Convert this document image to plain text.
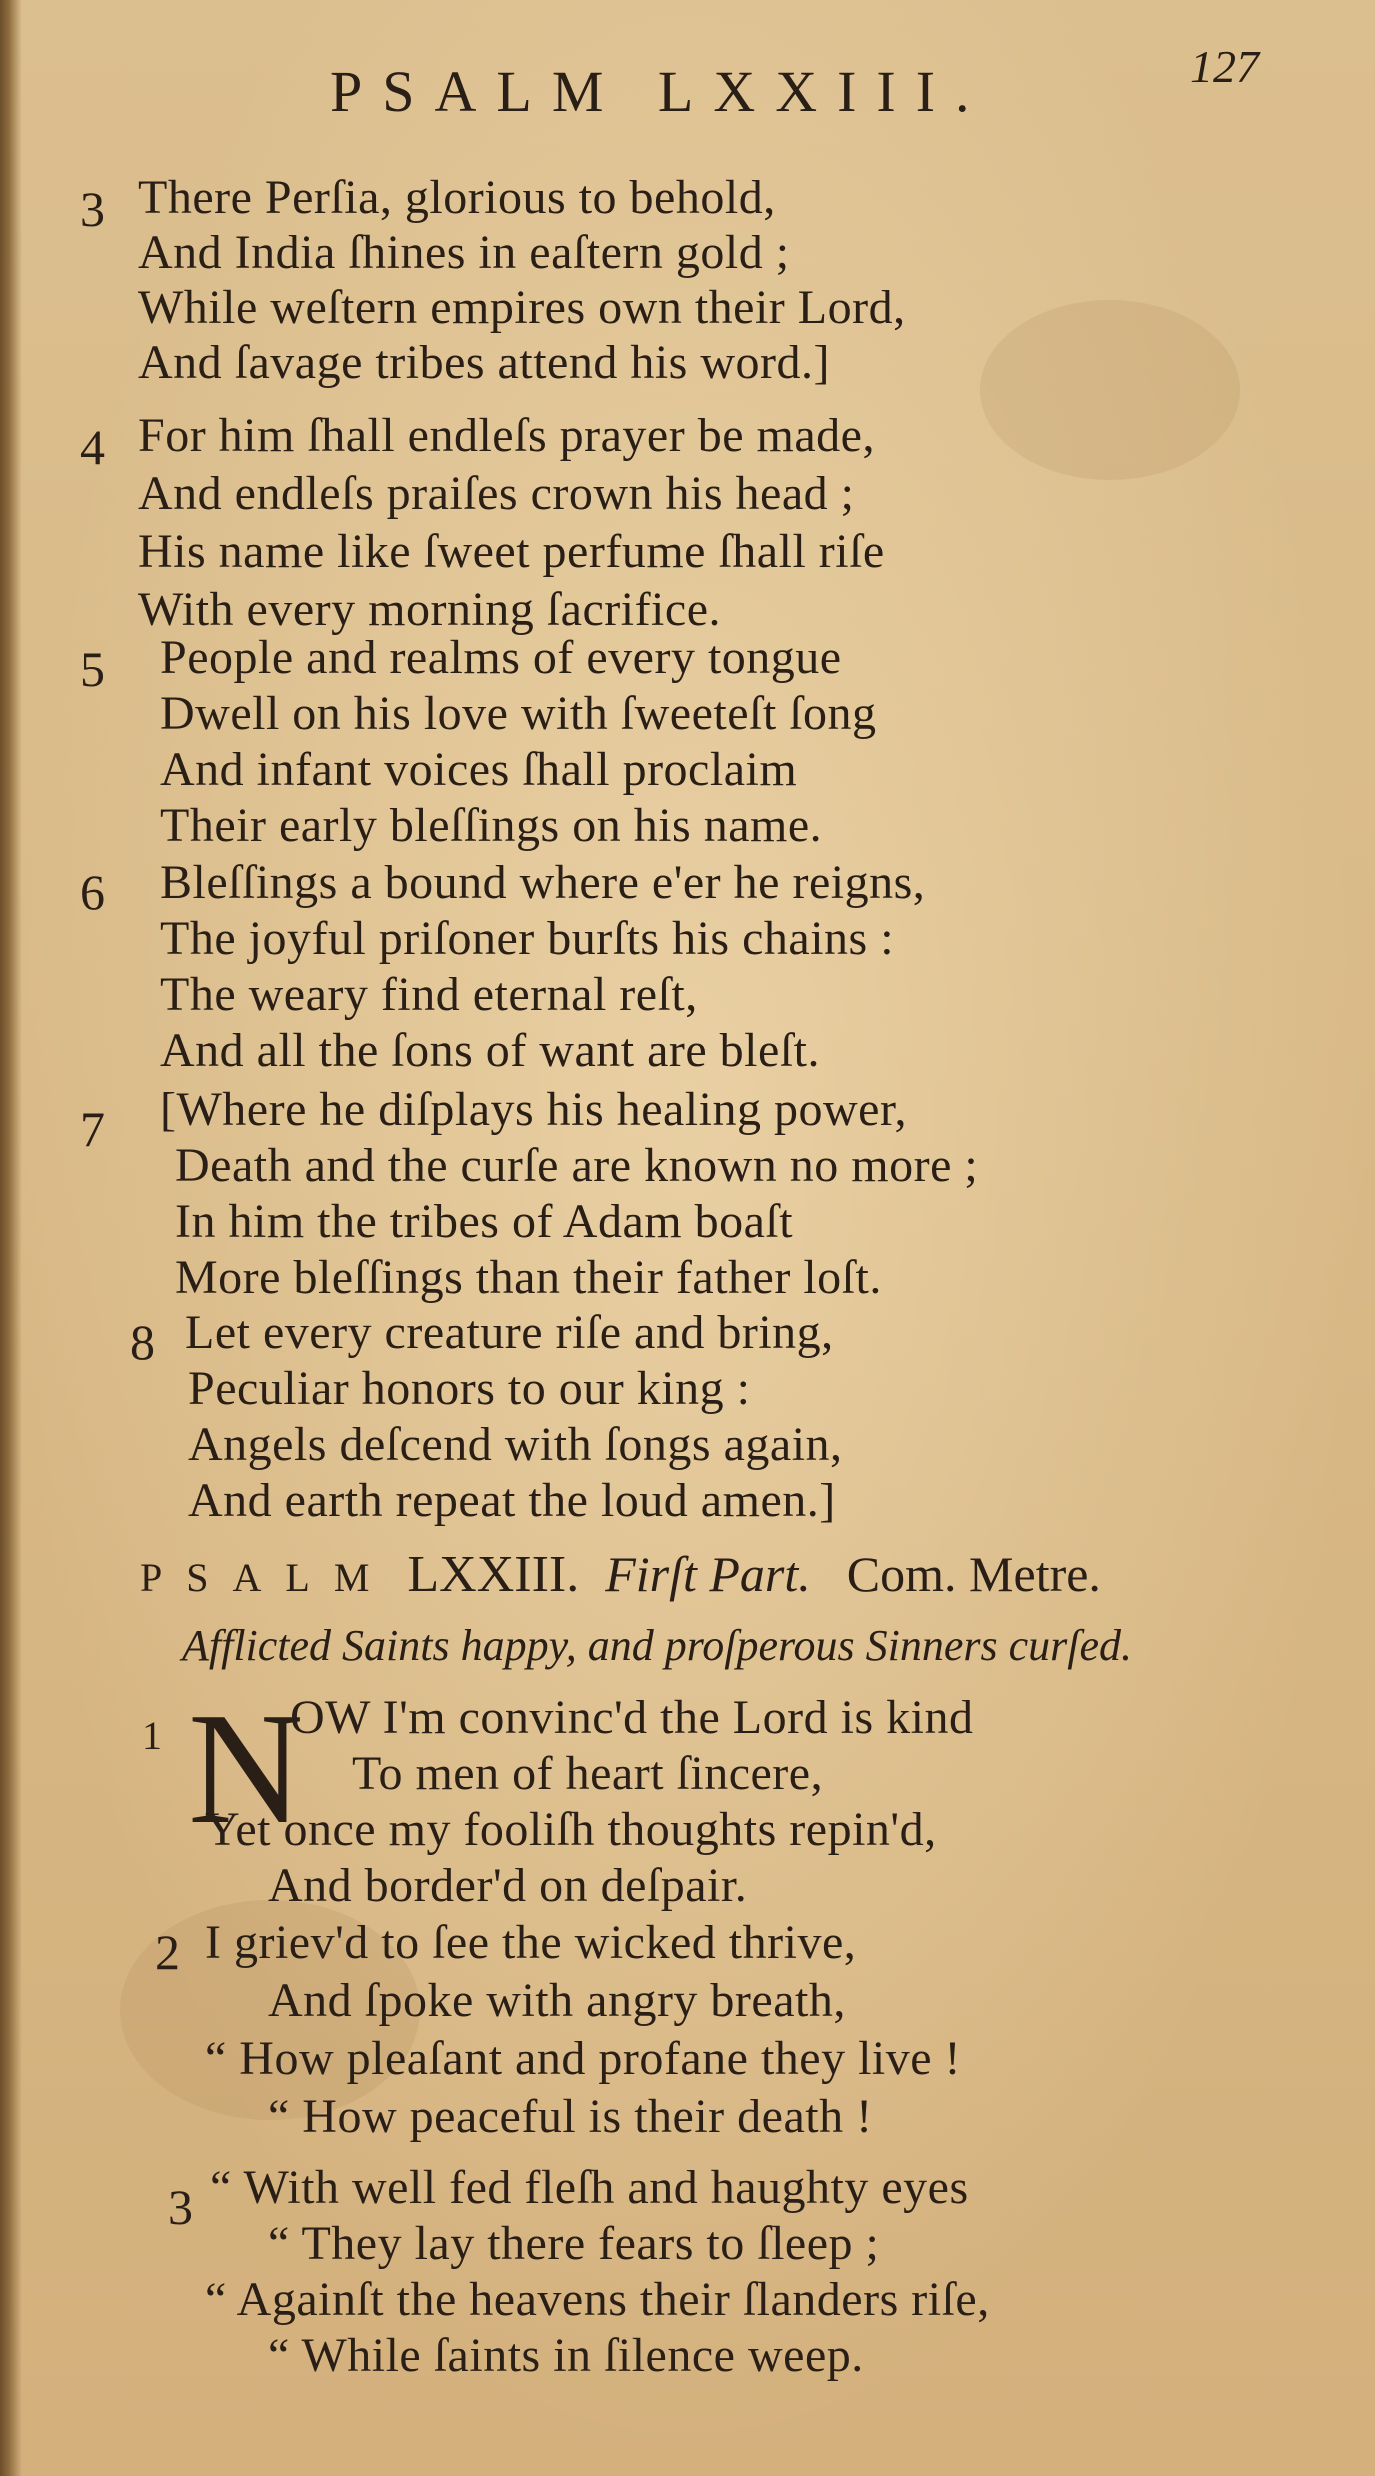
PSALM LXXIII.	127
3 There Perſia, glorious to behold,
And India ſhines in eaſtern gold ;
While weſtern empires own their Lord,
And ſavage tribes attend his word.]
4 For him ſhall endleſs prayer be made,
And endleſs praiſes crown his head ;
His name like ſweet perfume ſhall riſe
With every morning ſacrifice.
5 People and realms of every tongue
Dwell on his love with ſweeteſt ſong
And infant voices ſhall proclaim
Their early bleſſings on his name.
6 Bleſſings a bound where e'er he reigns,
The joyful priſoner burſts his chains :
The weary find eternal reſt,
And all the ſons of want are bleſt.
7 [Where he diſplays his healing power,
Death and the curſe are known no more ;
In him the tribes of Adam boaſt
More bleſſings than their father loſt.
8 Let every creature riſe and bring,
Peculiar honors to our king :
Angels deſcend with ſongs again,
And earth repeat the loud amen.]
PSALM LXXIII. Firſt Part. Com. Metre.
Afflicted Saints happy, and proſperous Sinners curſed.
1	OW I'm convinc'd the Lord is kind
To men of heart ſincere,
Yet once my fooliſh thoughts repin'd,
And border'd on deſpair.
N
2 I griev'd to ſee the wicked thrive,
And ſpoke with angry breath,
“ How pleaſant and profane they live !
“ How peaceful is their death !
3 “ With well fed fleſh and haughty eyes
“ They lay there fears to ſleep ;
“ Againſt the heavens their ſlanders riſe,
“ While ſaints in ſilence weep.
